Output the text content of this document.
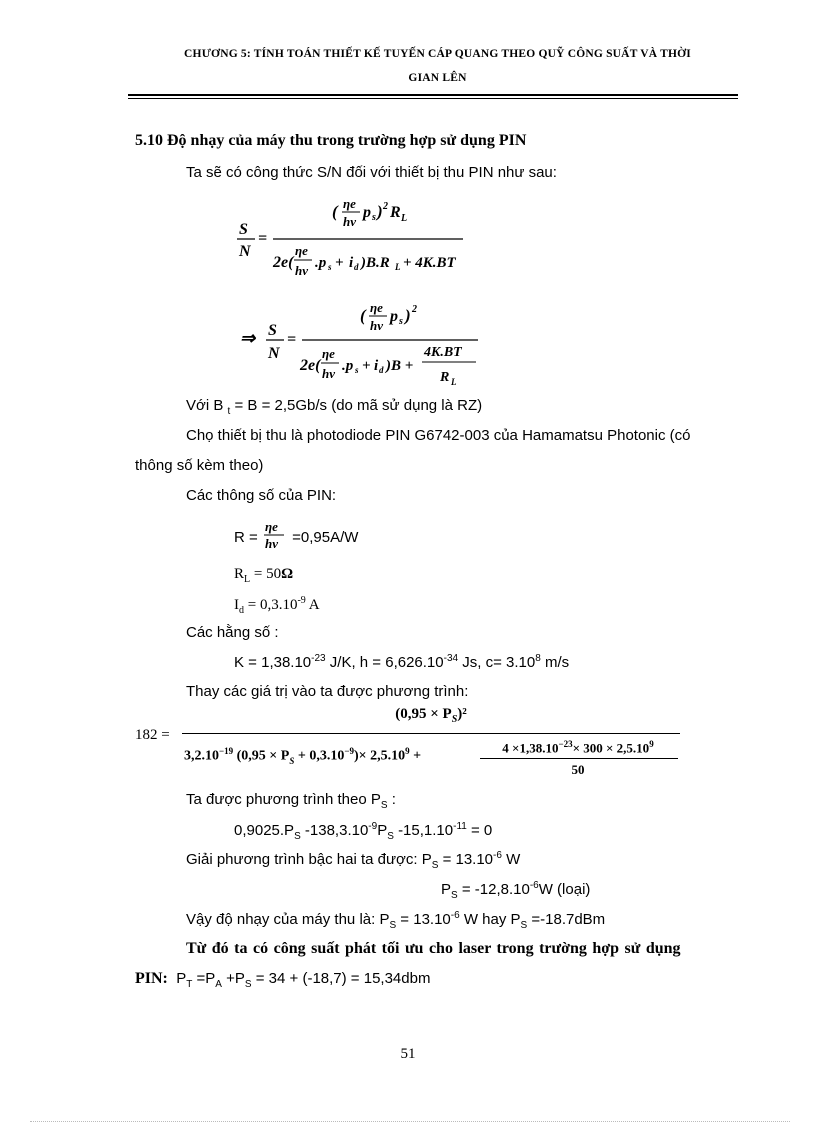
CHƯƠNG 5: TÍNH TOÁN THIẾT KẾ TUYẾN CÁP QUANG THEO QUỸ CÔNG SUẤT VÀ THỜI
GIAN LÊN
5.10 Độ nhạy của máy thu trong trường hợp sử dụng PIN
Ta sẽ có công thức S/N đối với thiết bị thu PIN như sau:
S
N
=
( ηe
hν
p s ) 2 R L
2e(
ηe
hν .p s + i d )B.R L + 4K.BT
⇒ S
N
=
( ηe
hν
p s ) 2
2e(
ηe
hν .p s + i d )B +
4K.BT
R L
Với B $_t$ = B = 2,5Gb/s (do mã sử dụng là RZ)
Chọ thiết bị thu là photodiode PIN G6742-003 của Hamamatsu Photonic (có
thông số kèm theo)
Các thông số của PIN:
R =
ηe
hν =0,95A/W
$R_L = 50\Omega$
$I_d = 0,3.10^{-9}$ A
Các hằng số :
$K = 1,38.10^{-23}$ J/K, $h = 6,626.10^{-34}$ Js, $c= 3.10^8$ m/s
Thay các giá trị vào ta được phương trình:
182 =
$(0,95 \times P_S)^2$
$3,2.10^{-19}$ $(0,95 \times P_S + 0,3.10^{-9})\times 2,5.10^9$ +
$4 \times 1,38.10^{-23}\times 300 \times 2,5.10^9$
50
Ta được phương trình theo $P_S$ :
$0,9025.P_S$ $-138,3.10^{-9}P_S$ $-15,1.10^{-11} = 0$
Giải phương trình bậc hai ta được: $P_S = 13.10^{-6}$ W
$P_S = -12,8.10^{-6}W$ (loại)
Vậy độ nhạy của máy thu là: $P_S = 13.10^{-6}$ W hay $P_S =-18.7dBm$
Từ đó ta có công suất phát tối ưu cho laser trong trường hợp sử dụng
PIN: $P_T =P_A +P_S = 34 + (-18,7) = 15,34dbm$
51
